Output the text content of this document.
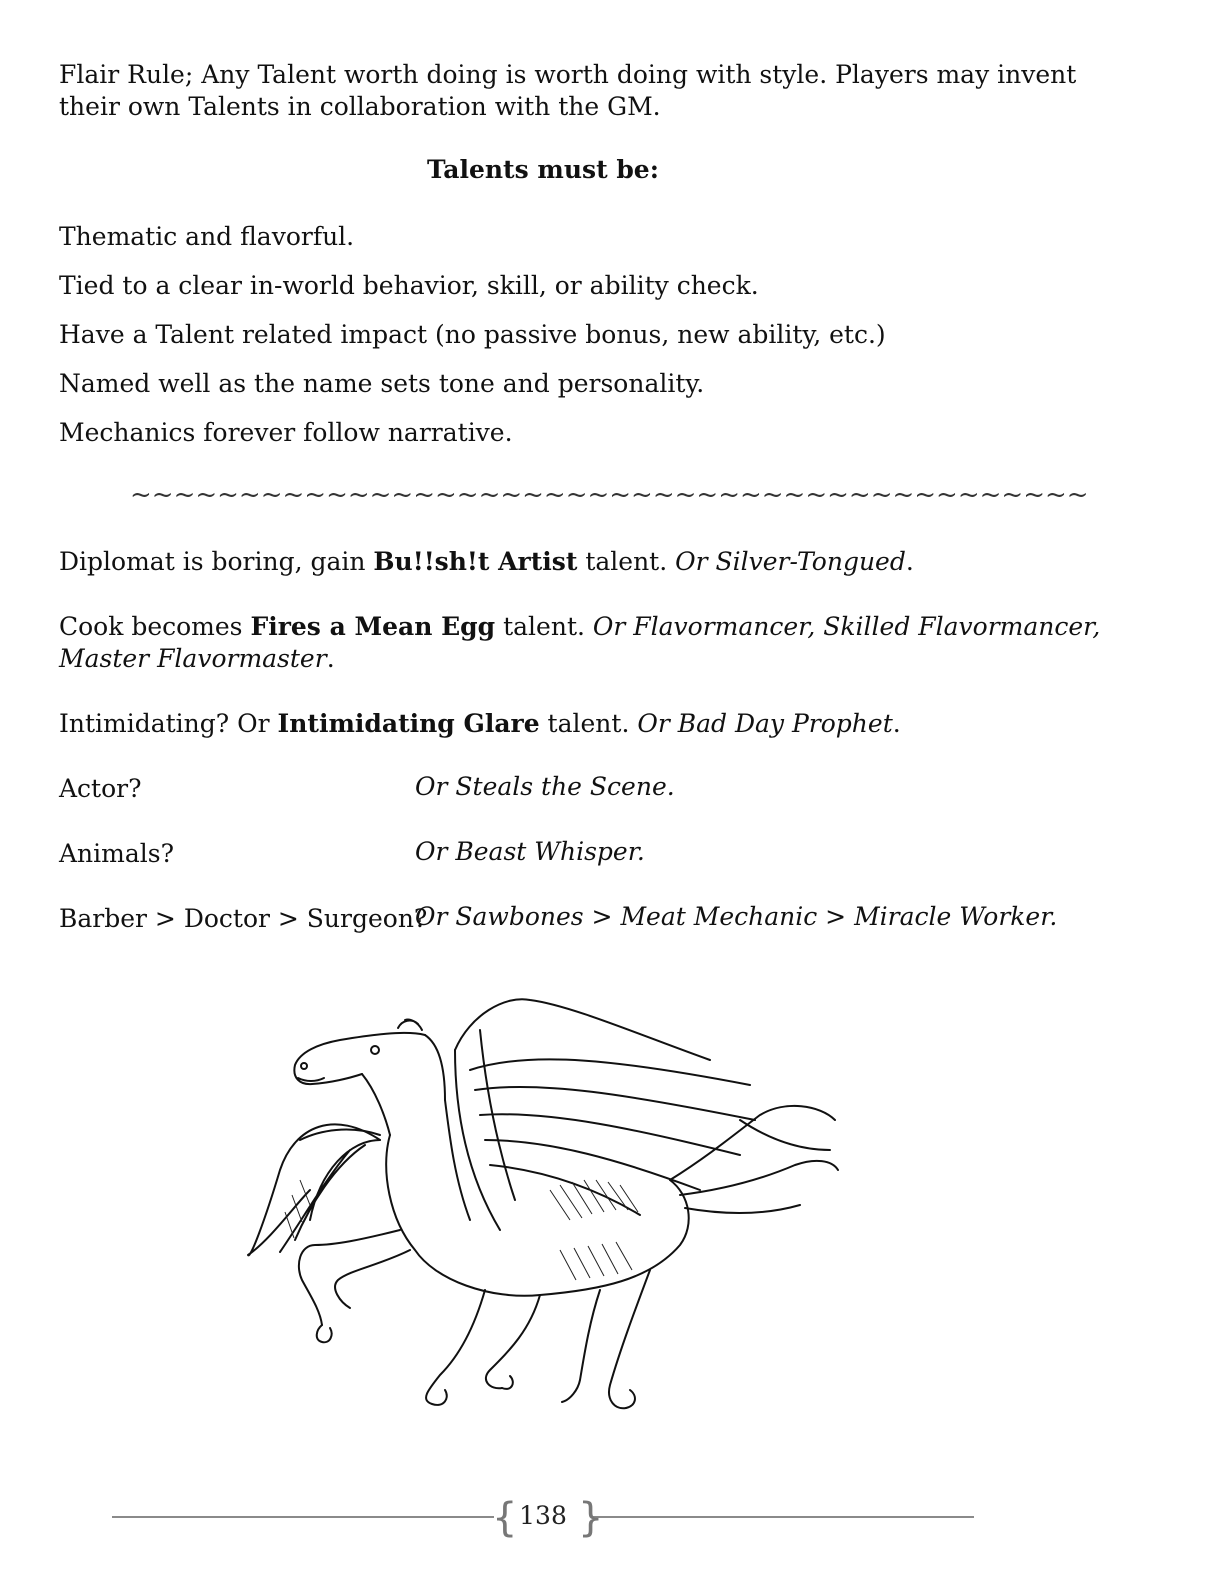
Flair Rule; Any Talent worth doing is worth doing with style. Players may invent

their own Talents in collaboration with the GM.

Talents must be:

Thematic and flavorful.

Tied to a clear in-world behavior, skill, or ability check.

Have a Talent related impact (no passive bonus, new ability, etc.)

Named well as the name sets tone and personality.

Mechanics forever follow narrative.

~~~~~~~~~~~~~~~~~~~~~~~~~~~~~~~~~~~~~~~~~~~~

Diplomat is boring, gain Bu!!sh!t Artist talent. Or Silver-Tongued.

Cook becomes Fires a Mean Egg talent. Or Flavormancer, Skilled Flavormancer,

Master Flavormaster.

Intimidating? Or Intimidating Glare talent. Or Bad Day Prophet.

Actor?	Or Steals the Scene.

Animals?	Or Beast Whisper.

Barber > Doctor > Surgeon?

Or Sawbones > Meat Mechanic > Miracle Worker.
{ }
138
